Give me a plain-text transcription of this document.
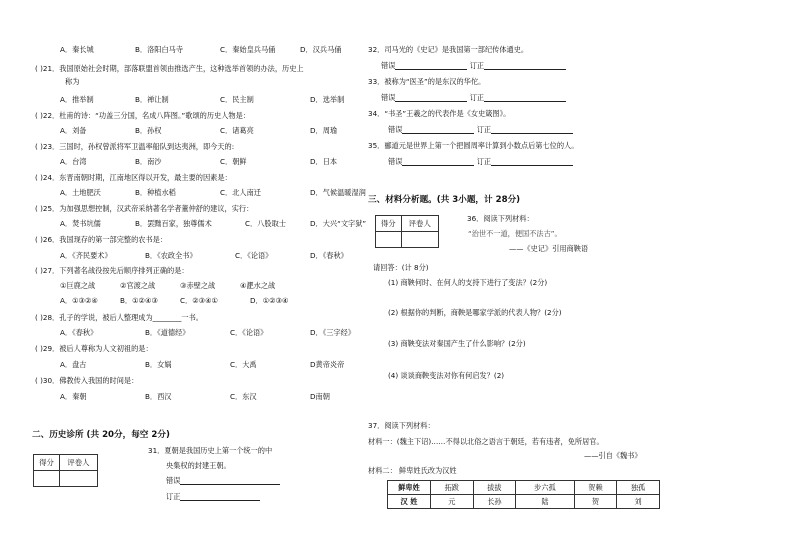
A．秦长城	B．洛阳白马寺	C．秦始皇兵马俑	D．汉兵马俑
( )21．我国原始社会时期，部落联盟首领由推选产生，这种选举首领的办法，历史上
称为
A．推举制	B．禅让制	C．民主制	D．选举制
( )22．杜甫的诗：“功盖三分国，名成八阵图。”歌颂的历史人物是：
A．刘备	B．孙权	C．诸葛亮	D．周瑜
( )23．三国时，孙权曾派将军卫温率船队到达夷洲，即今天的:
A．台湾	B．南沙	C．朝鲜	D．日本
( )24．东晋南朝时期，江南地区得以开发，最主要的因素是：
A．土地肥沃	B．种植水稻	C．北人南迁	D．气候温暖湿润
( )25．为加强思想控制，汉武帝采纳著名学者董仲舒的建议，实行：
A．焚书坑儒	B．罢黜百家，独尊儒术	C．八股取士	D．大兴“文字狱”
( )26．我国现存的第一部完整的农书是：
A．《齐民要术》	B．《农政全书》	C．《论语》	D．《春秋》
( )27．下列著名战役按先后顺序排列正确的是：
①巨鹿之战	②官渡之战	③赤壁之战	④淝水之战
A．①③②④	B．①②④③	C．②③④①	D．①②③④
( )28．孔子的学说，被后人整理成为________一书。
A．《春秋》	B．《道德经》	C．《论语》	D．《三字经》
( )29．被后人尊称为人文初祖的是：
A．盘古	B．女娲	C．大禹	D黄帝炎帝
( )30．佛教传入我国的时间是：
A．秦朝	B．西汉	C．东汉	D南朝
二、历史诊所 (共 20分，每空 2分)
得分	评卷人

31．夏朝是我国历史上第一个统一的中
央集权的封建王朝。
错误
订正
32．司马光的《史记》是我国第一部纪传体通史。
错误	订正
33．被称为“医圣”的是东汉的华佗。
错误	订正
34．“书圣”王羲之的代表作是《女史箴图》。
错误	订正
35．郦道元是世界上第一个把圆周率计算到小数点后第七位的人。
错误	订正
三、材料分析题。(共 3小题，计 28分)
得分	评卷人

36．阅读下列材料：
“治世不一道，便国不法古”。
——《史记》引用商鞅语
请回答：(计 8分)
(1) 商鞅何时、在何人的支持下进行了变法？(2分)
(2) 根据你的判断，商鞅是哪家学派的代表人物？(2分)
(3) 商鞅变法对秦国产生了什么影响？(2分)
(4) 谈谈商鞅变法对你有何启发？(2)
37．阅读下列材料：
材料一：(魏主下诏)……不得以北俗之语言于朝廷，若有违者，免所居官。
——引自《魏书》
材料二： 鲜卑姓氏改为汉姓
鲜卑姓	拓跋	拔拔	步六孤	贺赖	独孤
汉 姓	元	长孙	陆	贺	刘
